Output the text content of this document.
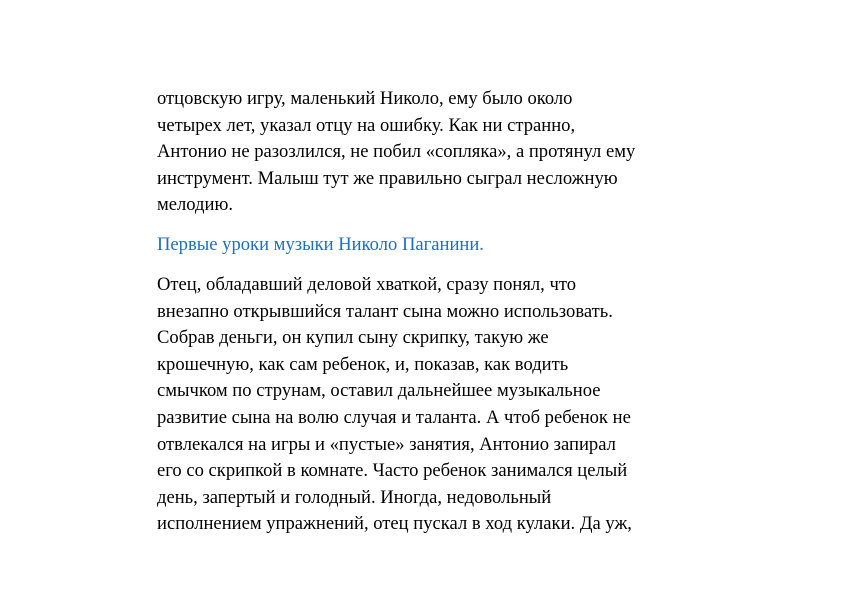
отцовскую игру, маленький Николо, ему было около
четырех лет, указал отцу на ошибку. Как ни странно,
Антонио не разозлился, не побил «сопляка», а протянул ему
инструмент. Малыш тут же правильно сыграл несложную
мелодию.
Первые уроки музыки Николо Паганини.
Отец, обладавший деловой хваткой, сразу понял, что
внезапно открывшийся талант сына можно использовать.
Собрав деньги, он купил сыну скрипку, такую же
крошечную, как сам ребенок, и, показав, как водить
смычком по струнам, оставил дальнейшее музыкальное
развитие сына на волю случая и таланта. А чтоб ребенок не
отвлекался на игры и «пустые» занятия, Антонио запирал
его со скрипкой в комнате. Часто ребенок занимался целый
день, запертый и голодный. Иногда, недовольный
исполнением упражнений, отец пускал в ход кулаки. Да уж,
